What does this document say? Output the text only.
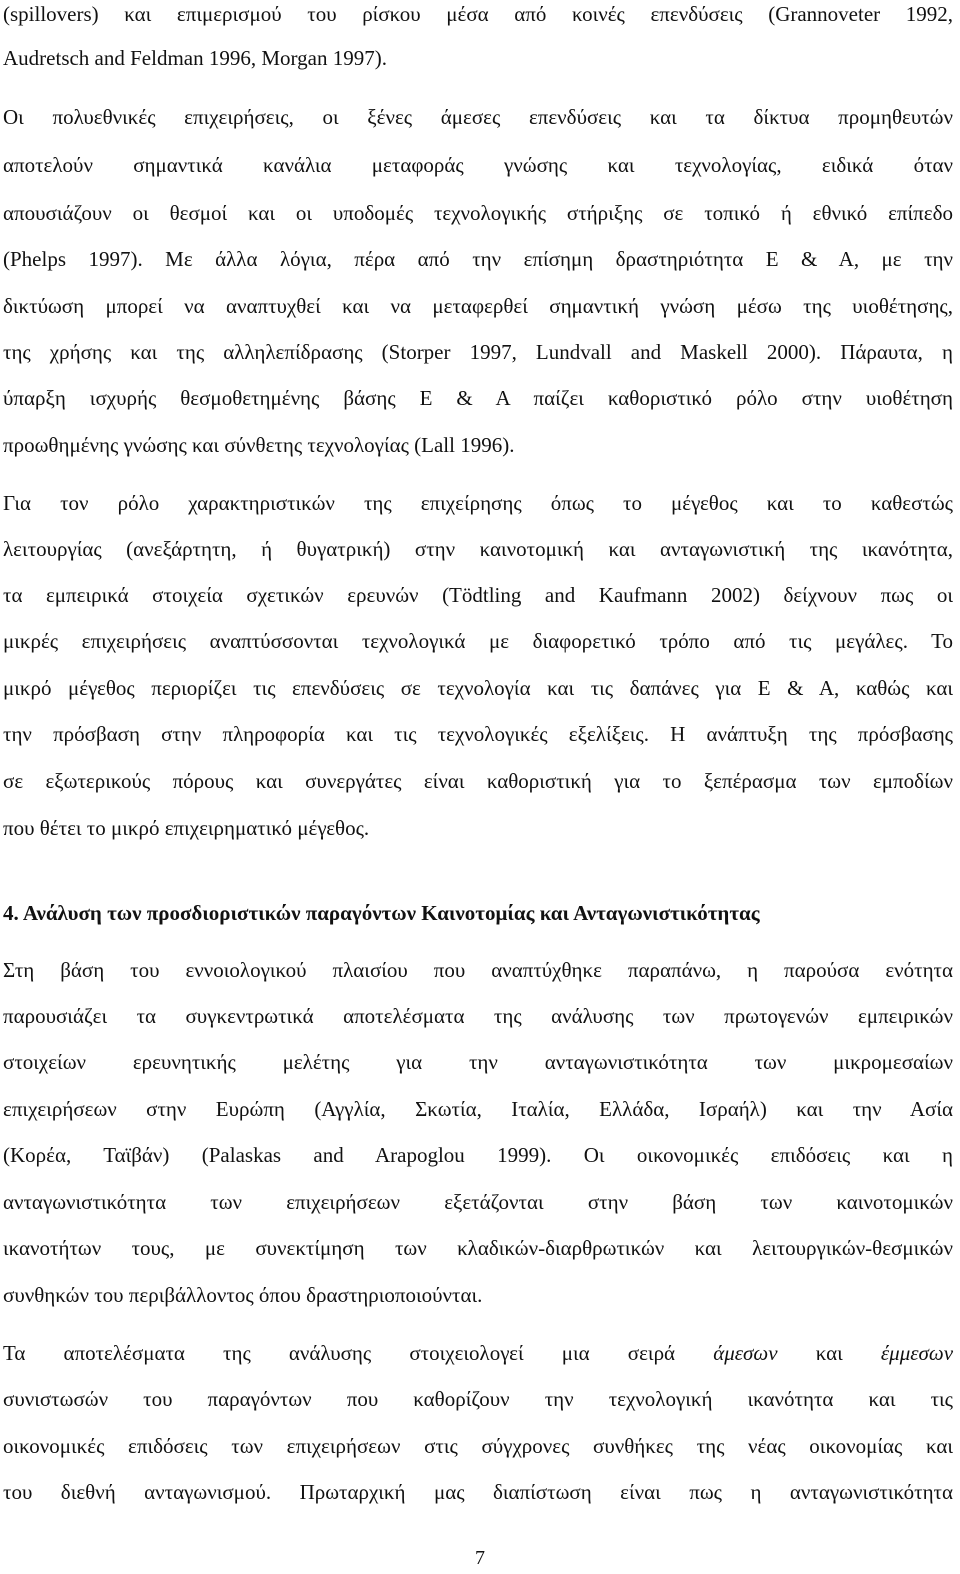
(spillovers) και επιμερισμού του ρίσκου μέσα από κοινές επενδύσεις (Grannoveter 1992,
Audretsch and Feldman 1996, Morgan 1997).
Οι πολυεθνικές επιχειρήσεις, οι ξένες άμεσες επενδύσεις και τα δίκτυα προμηθευτών
αποτελούν σημαντικά κανάλια μεταφοράς γνώσης και τεχνολογίας, ειδικά όταν
απουσιάζουν οι θεσμοί και οι υποδομές τεχνολογικής στήριξης σε τοπικό ή εθνικό επίπεδο
(Phelps 1997). Με άλλα λόγια, πέρα από την επίσημη δραστηριότητα Ε & Α, με την
δικτύωση μπορεί να αναπτυχθεί και να μεταφερθεί σημαντική γνώση μέσω της υιοθέτησης,
της χρήσης και της αλληλεπίδρασης (Storper 1997, Lundvall and Maskell 2000). Πάραυτα, η
ύπαρξη ισχυρής θεσμοθετημένης βάσης Ε & Α παίζει καθοριστικό ρόλο στην υιοθέτηση
προωθημένης γνώσης και σύνθετης τεχνολογίας (Lall 1996).
Για τον ρόλο χαρακτηριστικών της επιχείρησης όπως το μέγεθος και το καθεστώς
λειτουργίας (ανεξάρτητη, ή θυγατρική) στην καινοτομική και ανταγωνιστική της ικανότητα,
τα εμπειρικά στοιχεία σχετικών ερευνών (Tödtling and Kaufmann 2002) δείχνουν πως οι
μικρές επιχειρήσεις αναπτύσσονται τεχνολογικά με διαφορετικό τρόπο από τις μεγάλες. Το
μικρό μέγεθος περιορίζει τις επενδύσεις σε τεχνολογία και τις δαπάνες για Ε & Α, καθώς και
την πρόσβαση στην πληροφορία και τις τεχνολογικές εξελίξεις. Η ανάπτυξη της πρόσβασης
σε εξωτερικούς πόρους και συνεργάτες είναι καθοριστική για το ξεπέρασμα των εμποδίων
που θέτει το μικρό επιχειρηματικό μέγεθος.
4. Ανάλυση των προσδιοριστικών παραγόντων Καινοτομίας και Ανταγωνιστικότητας
Στη βάση του εννοιολογικού πλαισίου που αναπτύχθηκε παραπάνω, η παρούσα ενότητα
παρουσιάζει τα συγκεντρωτικά αποτελέσματα της ανάλυσης των πρωτογενών εμπειρικών
στοιχείων ερευνητικής μελέτης για την ανταγωνιστικότητα των μικρομεσαίων
επιχειρήσεων στην Ευρώπη (Αγγλία, Σκωτία, Ιταλία, Ελλάδα, Ισραήλ) και την Ασία
(Κορέα, Ταϊβάν) (Palaskas and Arapoglou 1999). Οι οικονομικές επιδόσεις και η
ανταγωνιστικότητα των επιχειρήσεων εξετάζονται στην βάση των καινοτομικών
ικανοτήτων τους, με συνεκτίμηση των κλαδικών-διαρθρωτικών και λειτουργικών-θεσμικών
συνθηκών του περιβάλλοντος όπου δραστηριοποιούνται.
Τα αποτελέσματα της ανάλυσης στοιχειολογεί μια σειρά άμεσων και έμμεσων
συνιστωσών του παραγόντων που καθορίζουν την τεχνολογική ικανότητα και τις
οικονομικές επιδόσεις των επιχειρήσεων στις σύγχρονες συνθήκες της νέας οικονομίας και
του διεθνή ανταγωνισμού. Πρωταρχική μας διαπίστωση είναι πως η ανταγωνιστικότητα
7
